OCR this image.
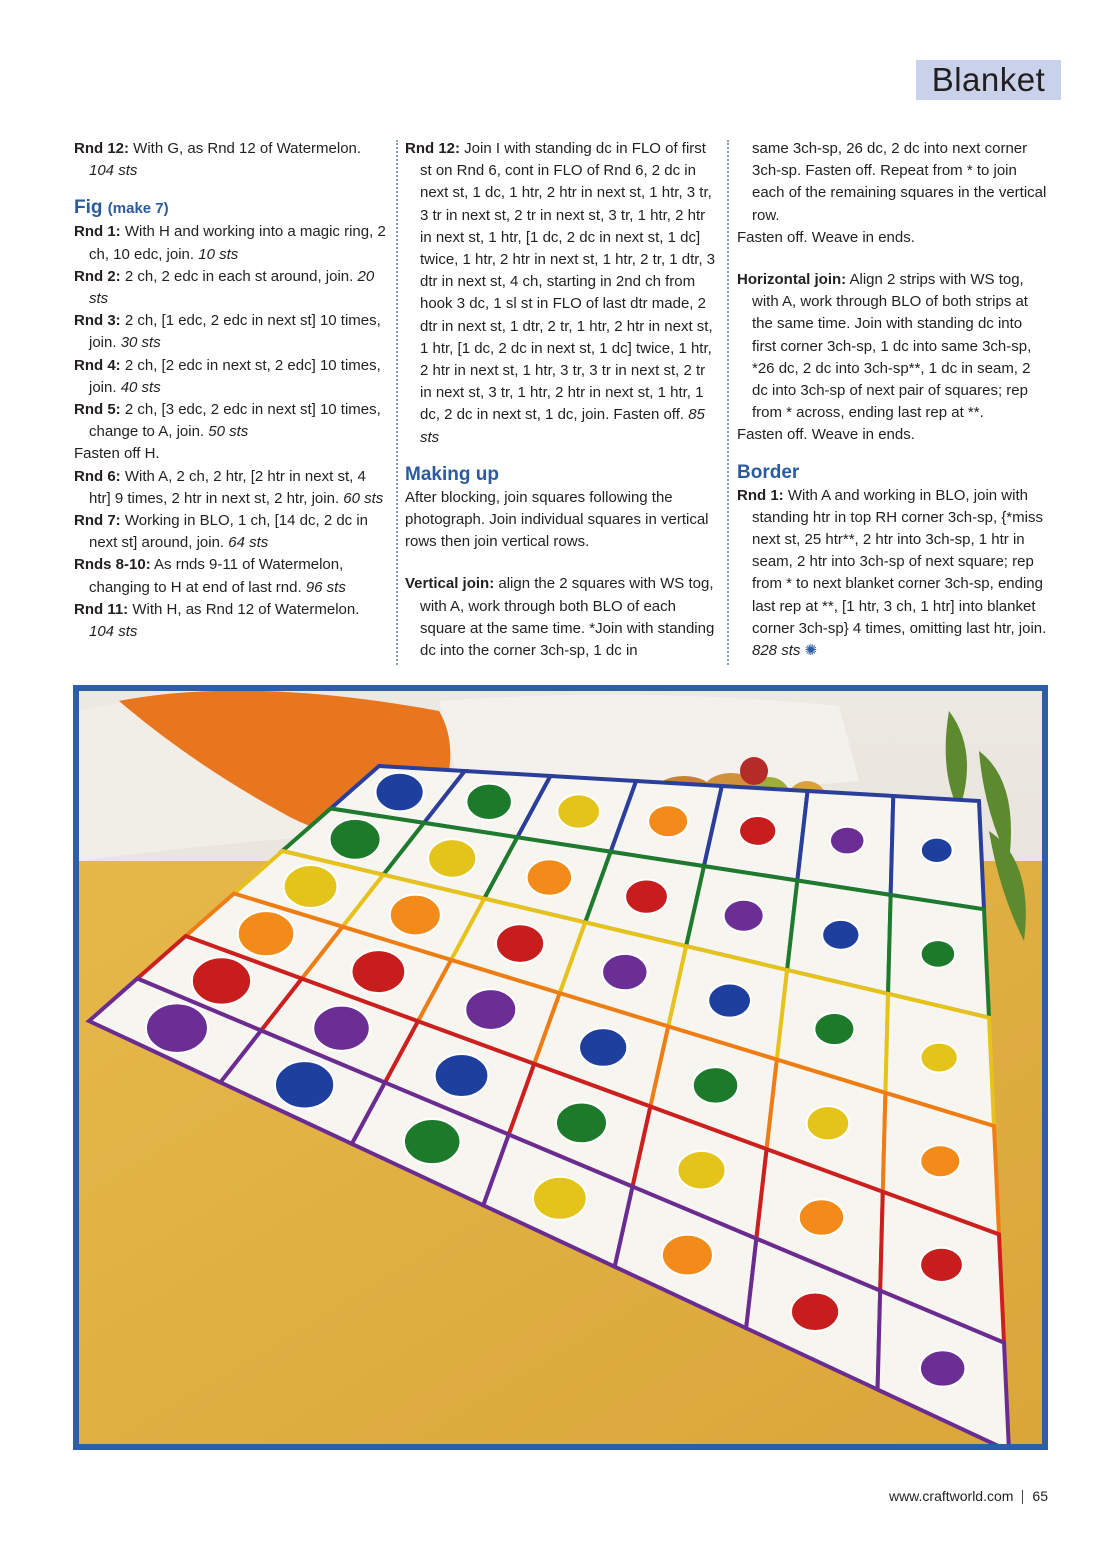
Blanket

Rnd 12: With G, as Rnd 12 of Watermelon.
104 sts

Fig (make 7)

Rnd 1: With H and working into a magic ring, 2 ch, 10 edc, join. 10 sts

Rnd 2: 2 ch, 2 edc in each st around, join. 20 sts

Rnd 3: 2 ch, [1 edc, 2 edc in next st] 10 times, join. 30 sts

Rnd 4: 2 ch, [2 edc in next st, 2 edc] 10 times, join. 40 sts

Rnd 5: 2 ch, [3 edc, 2 edc in next st] 10 times, change to A, join. 50 sts

Fasten off H.

Rnd 6: With A, 2 ch, 2 htr, [2 htr in next st, 4 htr] 9 times, 2 htr in next st, 2 htr, join. 60 sts

Rnd 7: Working in BLO, 1 ch, [14 dc, 2 dc in next st] around, join. 64 sts

Rnds 8-10: As rnds 9-11 of Watermelon, changing to H at end of last rnd. 96 sts

Rnd 11: With H, as Rnd 12 of Watermelon. 104 sts

Rnd 12: Join I with standing dc in FLO of first st on Rnd 6, cont in FLO of Rnd 6, 2 dc in next st, 1 dc, 1 htr, 2 htr in next st, 1 htr, 3 tr, 3 tr in next st, 2 tr in next st, 3 tr, 1 htr, 2 htr in next st, 1 htr, [1 dc, 2 dc in next st, 1 dc] twice, 1 htr, 2 htr in next st, 1 htr, 2 tr, 1 dtr, 3 dtr in next st, 4 ch, starting in 2nd ch from hook 3 dc, 1 sl st in FLO of last dtr made, 2 dtr in next st, 1 dtr, 2 tr, 1 htr, 2 htr in next st, 1 htr, [1 dc, 2 dc in next st, 1 dc] twice, 1 htr, 2 htr in next st, 1 htr, 3 tr, 3 tr in next st, 2 tr in next st, 3 tr, 1 htr, 2 htr in next st, 1 htr, 1 dc, 2 dc in next st, 1 dc, join. Fasten off. 85 sts

Making up

After blocking, join squares following the photograph. Join individual squares in vertical rows then join vertical rows.

Vertical join: align the 2 squares with WS tog, with A, work through both BLO of each square at the same time. *Join with standing dc into the corner 3ch-sp, 1 dc in

same 3ch-sp, 26 dc, 2 dc into next corner 3ch-sp. Fasten off. Repeat from * to join each of the remaining squares in the vertical row.

Fasten off. Weave in ends.

Horizontal join: Align 2 strips with WS tog, with A, work through BLO of both strips at the same time. Join with standing dc into first corner 3ch-sp, 1 dc into same 3ch-sp, *26 dc, 2 dc into 3ch-sp**, 1 dc in seam, 2 dc into 3ch-sp of next pair of squares; rep from * across, ending last rep at **.

Fasten off. Weave in ends.

Border

Rnd 1: With A and working in BLO, join with standing htr in top RH corner 3ch-sp, {*miss next st, 25 htr**, 2 htr into 3ch-sp, 1 htr in seam, 2 htr into 3ch-sp of next square; rep from * to next blanket corner 3ch-sp, ending last rep at **, [1 htr, 3 ch, 1 htr] into blanket corner 3ch-sp} 4 times, omitting last htr, join. 828 sts ✺

www.craftworld.com 65
